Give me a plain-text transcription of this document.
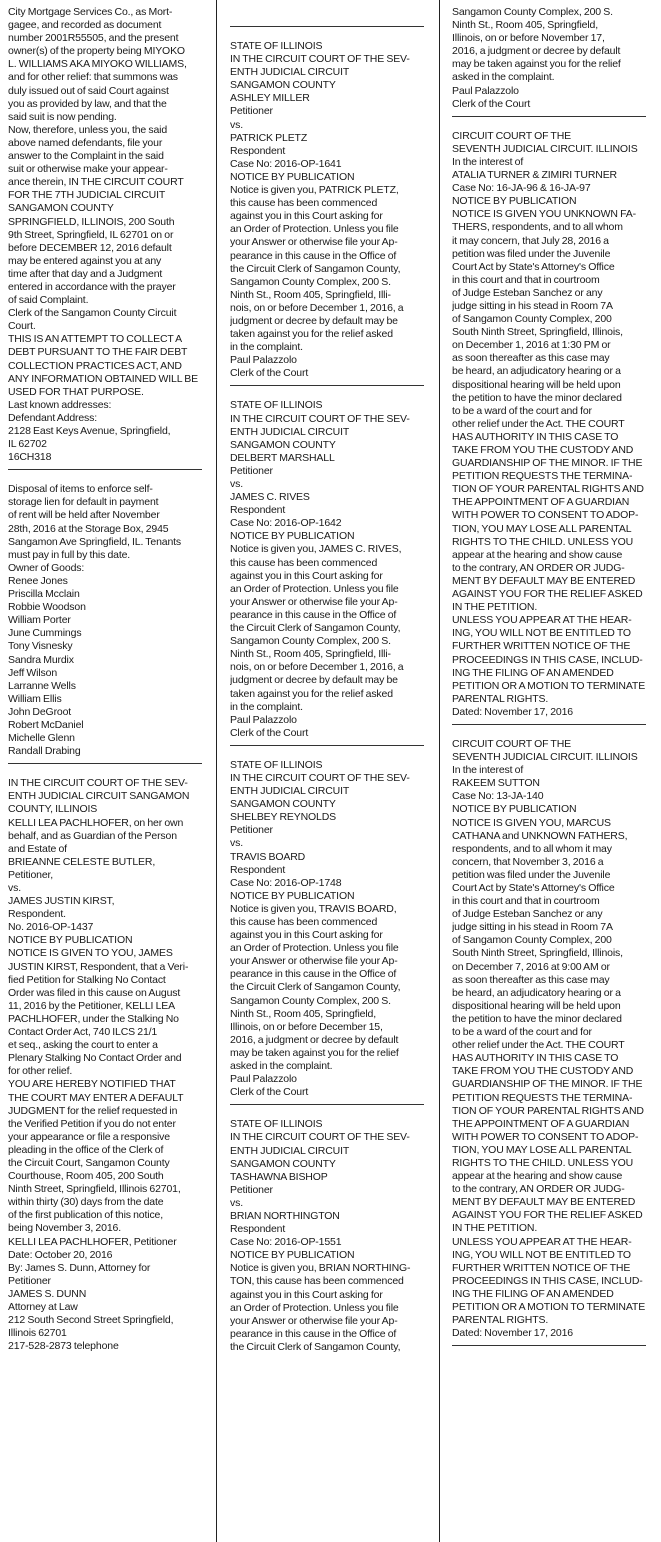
City Mortgage Services Co., as Mort-
gagee, and recorded as document
number 2001R55505, and the present
owner(s) of the property being MIYOKO
L. WILLIAMS AKA MIYOKO WILLIAMS,
and for other relief: that summons was
duly issued out of said Court against
you as provided by law, and that the
said suit is now pending.
Now, therefore, unless you, the said
above named defendants, file your
answer to the Complaint in the said
suit or otherwise make your appear-
ance therein, IN THE CIRCUIT COURT
FOR THE 7TH JUDICIAL CIRCUIT
SANGAMON COUNTY
SPRINGFIELD, ILLINOIS, 200 South
9th Street, Springfield, IL 62701 on or
before DECEMBER 12, 2016 default
may be entered against you at any
time after that day and a Judgment
entered in accordance with the prayer
of said Complaint.
Clerk of the Sangamon County Circuit
Court.
THIS IS AN ATTEMPT TO COLLECT A
DEBT PURSUANT TO THE FAIR DEBT
COLLECTION PRACTICES ACT, AND
ANY INFORMATION OBTAINED WILL BE
USED FOR THAT PURPOSE.
Last known addresses:
Defendant Address:
2128 East Keys Avenue, Springfield,
IL 62702
16CH318
Disposal of items to enforce self-
storage lien for default in payment
of rent will be held after November
28th, 2016 at the Storage Box, 2945
Sangamon Ave Springfield, IL. Tenants
must pay in full by this date.
Owner of Goods:
Renee Jones
Priscilla Mcclain
Robbie Woodson
William Porter
June Cummings
Tony Visnesky
Sandra Murdix
Jeff Wilson
Larranne Wells
William Ellis
John DeGroot
Robert McDaniel
Michelle Glenn
Randall Drabing
IN THE CIRCUIT COURT OF THE SEV-
ENTH JUDICIAL CIRCUIT SANGAMON
COUNTY, ILLINOIS
KELLI LEA PACHLHOFER, on her own
behalf, and as Guardian of the Person
and Estate of
BRIEANNE CELESTE BUTLER,
Petitioner,
vs.
JAMES JUSTIN KIRST,
Respondent.
No. 2016-OP-1437
NOTICE BY PUBLICATION
NOTICE IS GIVEN TO YOU, JAMES
JUSTIN KIRST, Respondent, that a Veri-
fied Petition for Stalking No Contact
Order was filed in this cause on August
11, 2016 by the Petitioner, KELLI LEA
PACHLHOFER, under the Stalking No
Contact Order Act, 740 ILCS 21/1
et seq., asking the court to enter a
Plenary Stalking No Contact Order and
for other relief.
YOU ARE HEREBY NOTIFIED THAT
THE COURT MAY ENTER A DEFAULT
JUDGMENT for the relief requested in
the Verified Petition if you do not enter
your appearance or file a responsive
pleading in the office of the Clerk of
the Circuit Court, Sangamon County
Courthouse, Room 405, 200 South
Ninth Street, Springfield, Illinois 62701,
within thirty (30) days from the date
of the first publication of this notice,
being November 3, 2016.
KELLI LEA PACHLHOFER, Petitioner
Date: October 20, 2016
By: James S. Dunn, Attorney for
Petitioner
JAMES S. DUNN
Attorney at Law
212 South Second Street Springfield,
Illinois 62701
217-528-2873 telephone
STATE OF ILLINOIS
IN THE CIRCUIT COURT OF THE SEV-
ENTH JUDICIAL CIRCUIT
SANGAMON COUNTY
ASHLEY MILLER
Petitioner
vs.
PATRICK PLETZ
Respondent
Case No: 2016-OP-1641
NOTICE BY PUBLICATION
Notice is given you, PATRICK PLETZ,
this cause has been commenced
against you in this Court asking for
an Order of Protection. Unless you file
your Answer or otherwise file your Ap-
pearance in this cause in the Office of
the Circuit Clerk of Sangamon County,
Sangamon County Complex, 200 S.
Ninth St., Room 405, Springfield, Illi-
nois, on or before December 1, 2016, a
judgment or decree by default may be
taken against you for the relief asked
in the complaint.
Paul Palazzolo
Clerk of the Court
STATE OF ILLINOIS
IN THE CIRCUIT COURT OF THE SEV-
ENTH JUDICIAL CIRCUIT
SANGAMON COUNTY
DELBERT MARSHALL
Petitioner
vs.
JAMES C. RIVES
Respondent
Case No: 2016-OP-1642
NOTICE BY PUBLICATION
Notice is given you, JAMES C. RIVES,
this cause has been commenced
against you in this Court asking for
an Order of Protection. Unless you file
your Answer or otherwise file your Ap-
pearance in this cause in the Office of
the Circuit Clerk of Sangamon County,
Sangamon County Complex, 200 S.
Ninth St., Room 405, Springfield, Illi-
nois, on or before December 1, 2016, a
judgment or decree by default may be
taken against you for the relief asked
in the complaint.
Paul Palazzolo
Clerk of the Court
STATE OF ILLINOIS
IN THE CIRCUIT COURT OF THE SEV-
ENTH JUDICIAL CIRCUIT
SANGAMON COUNTY
SHELBEY REYNOLDS
Petitioner
vs.
TRAVIS BOARD
Respondent
Case No: 2016-OP-1748
NOTICE BY PUBLICATION
Notice is given you, TRAVIS BOARD,
this cause has been commenced
against you in this Court asking for
an Order of Protection. Unless you file
your Answer or otherwise file your Ap-
pearance in this cause in the Office of
the Circuit Clerk of Sangamon County,
Sangamon County Complex, 200 S.
Ninth St., Room 405, Springfield,
Illinois, on or before December 15,
2016, a judgment or decree by default
may be taken against you for the relief
asked in the complaint.
Paul Palazzolo
Clerk of the Court
STATE OF ILLINOIS
IN THE CIRCUIT COURT OF THE SEV-
ENTH JUDICIAL CIRCUIT
SANGAMON COUNTY
TASHAWNA BISHOP
Petitioner
vs.
BRIAN NORTHINGTON
Respondent
Case No: 2016-OP-1551
NOTICE BY PUBLICATION
Notice is given you, BRIAN NORTHING-
TON, this cause has been commenced
against you in this Court asking for
an Order of Protection. Unless you file
your Answer or otherwise file your Ap-
pearance in this cause in the Office of
the Circuit Clerk of Sangamon County,
Sangamon County Complex, 200 S.
Ninth St., Room 405, Springfield,
Illinois, on or before November 17,
2016, a judgment or decree by default
may be taken against you for the relief
asked in the complaint.
Paul Palazzolo
Clerk of the Court
CIRCUIT COURT OF THE
SEVENTH JUDICIAL CIRCUIT. ILLINOIS
In the interest of
ATALIA TURNER & ZIMIRI TURNER
Case No: 16-JA-96 & 16-JA-97
NOTICE BY PUBLICATION
NOTICE IS GIVEN YOU UNKNOWN FA-
THERS, respondents, and to all whom
it may concern, that July 28, 2016 a
petition was filed under the Juvenile
Court Act by State's Attorney's Office
in this court and that in courtroom
of Judge Esteban Sanchez or any
judge sitting in his stead in Room 7A
of Sangamon County Complex, 200
South Ninth Street, Springfield, Illinois,
on December 1, 2016 at 1:30 PM or
as soon thereafter as this case may
be heard, an adjudicatory hearing or a
dispositional hearing will be held upon
the petition to have the minor declared
to be a ward of the court and for
other relief under the Act. THE COURT
HAS AUTHORITY IN THIS CASE TO
TAKE FROM YOU THE CUSTODY AND
GUARDIANSHIP OF THE MINOR. IF THE
PETITION REQUESTS THE TERMINA-
TION OF YOUR PARENTAL RIGHTS AND
THE APPOINTMENT OF A GUARDIAN
WITH POWER TO CONSENT TO ADOP-
TION, YOU MAY LOSE ALL PARENTAL
RIGHTS TO THE CHILD. UNLESS YOU
appear at the hearing and show cause
to the contrary, AN ORDER OR JUDG-
MENT BY DEFAULT MAY BE ENTERED
AGAINST YOU FOR THE RELIEF ASKED
IN THE PETITION.
UNLESS YOU APPEAR AT THE HEAR-
ING, YOU WILL NOT BE ENTITLED TO
FURTHER WRITTEN NOTICE OF THE
PROCEEDINGS IN THIS CASE, INCLUD-
ING THE FILING OF AN AMENDED
PETITION OR A MOTION TO TERMINATE
PARENTAL RIGHTS.
Dated: November 17, 2016
CIRCUIT COURT OF THE
SEVENTH JUDICIAL CIRCUIT. ILLINOIS
In the interest of
RAKEEM SUTTON
Case No: 13-JA-140
NOTICE BY PUBLICATION
NOTICE IS GIVEN YOU, MARCUS
CATHANA and UNKNOWN FATHERS,
respondents, and to all whom it may
concern, that November 3, 2016 a
petition was filed under the Juvenile
Court Act by State's Attorney's Office
in this court and that in courtroom
of Judge Esteban Sanchez or any
judge sitting in his stead in Room 7A
of Sangamon County Complex, 200
South Ninth Street, Springfield, Illinois,
on December 7, 2016 at 9:00 AM or
as soon thereafter as this case may
be heard, an adjudicatory hearing or a
dispositional hearing will be held upon
the petition to have the minor declared
to be a ward of the court and for
other relief under the Act. THE COURT
HAS AUTHORITY IN THIS CASE TO
TAKE FROM YOU THE CUSTODY AND
GUARDIANSHIP OF THE MINOR. IF THE
PETITION REQUESTS THE TERMINA-
TION OF YOUR PARENTAL RIGHTS AND
THE APPOINTMENT OF A GUARDIAN
WITH POWER TO CONSENT TO ADOP-
TION, YOU MAY LOSE ALL PARENTAL
RIGHTS TO THE CHILD. UNLESS YOU
appear at the hearing and show cause
to the contrary, AN ORDER OR JUDG-
MENT BY DEFAULT MAY BE ENTERED
AGAINST YOU FOR THE RELIEF ASKED
IN THE PETITION.
UNLESS YOU APPEAR AT THE HEAR-
ING, YOU WILL NOT BE ENTITLED TO
FURTHER WRITTEN NOTICE OF THE
PROCEEDINGS IN THIS CASE, INCLUD-
ING THE FILING OF AN AMENDED
PETITION OR A MOTION TO TERMINATE
PARENTAL RIGHTS.
Dated: November 17, 2016
